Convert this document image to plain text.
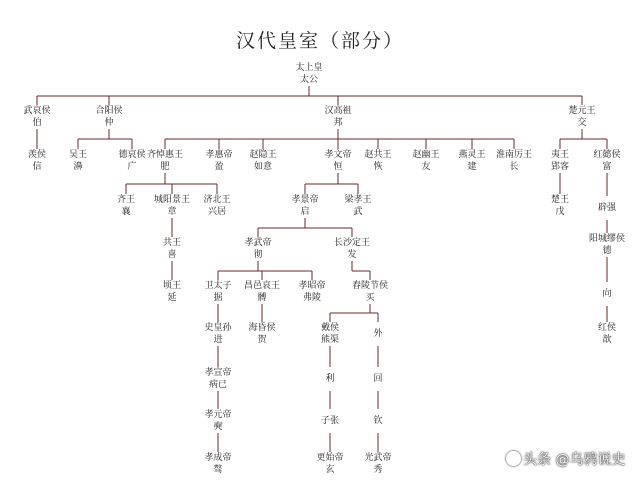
汉代皇室（部分）
太上皇
太公
武哀侯
伯
合阳侯
仲
汉高祖
邦
楚元王
交
羡侯
信
吴王
濞
德哀侯
广
齐悼惠王
肥
孝惠帝
盈
赵隐王
如意
孝文帝
恒
赵共王
恢
赵幽王
友
燕灵王
建
淮南厉王
长
夷王
郢客
红懿侯
富
齐王
襄
城阳景王
章
济北王
兴居
楚王
戊	辟强
孝景帝
启
梁孝王
武
共王
喜
阳城缪侯
德
孝武帝
彻
长沙定王
发
顷王
延	向
卫太子
据
昌邑哀王
髆
孝昭帝
弗陵
舂陵节侯
买
红侯
歆
史皇孙
进
海昏侯
贺
戴侯
熊渠
外
孝宣帝
病已
利	回
孝元帝
奭
子张	钦
孝成帝
骜
更始帝
玄
光武帝
秀
头条 @乌鸦说史
